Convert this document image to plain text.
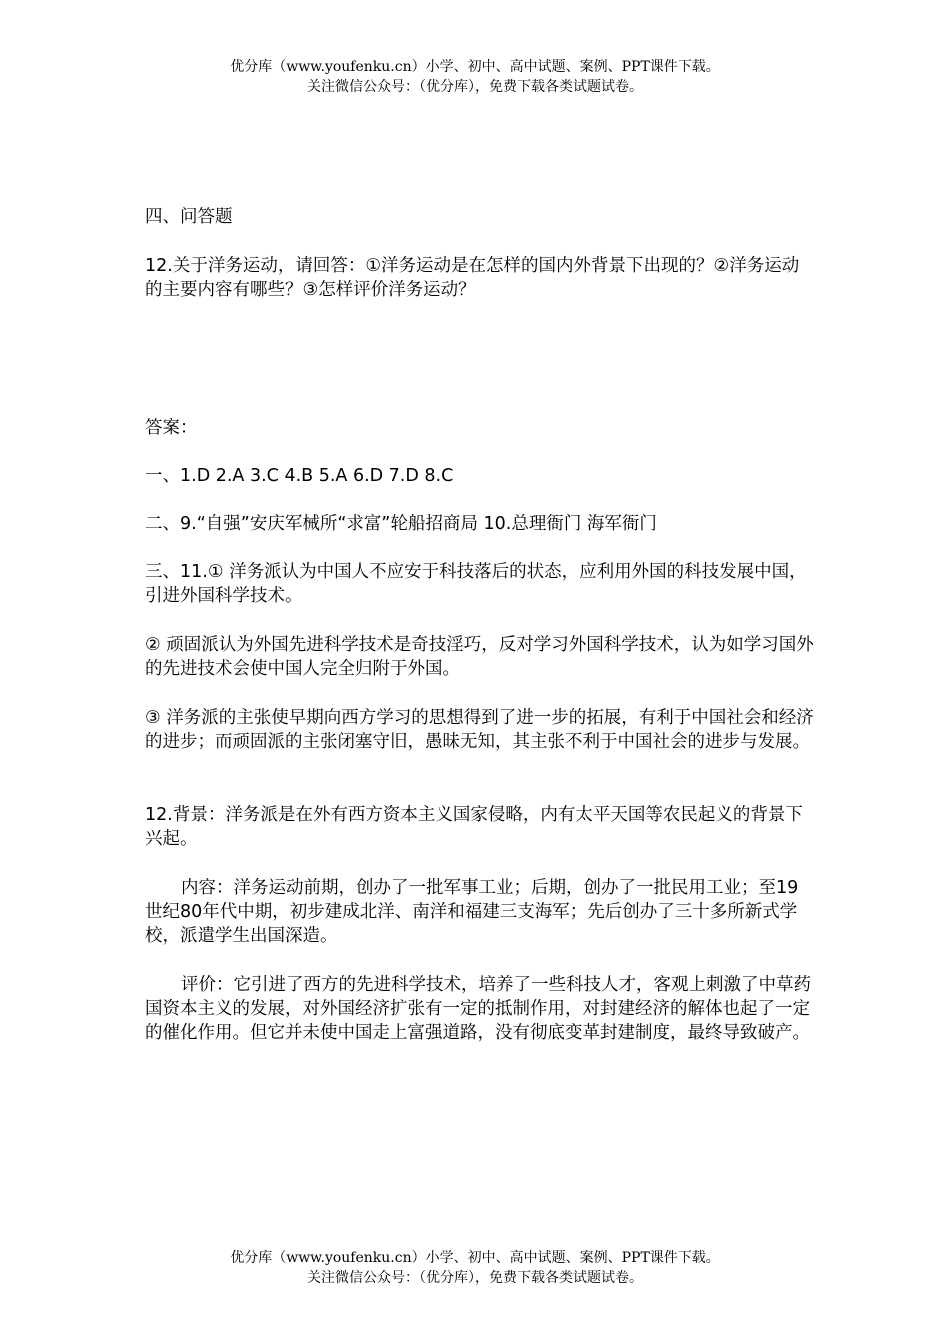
优分库（www.youfenku.cn）小学、初中、高中试题、案例、PPT课件下载。
关注微信公众号：（优分库），免费下载各类试题试卷。

四、问答题

12.关于洋务运动，请回答：①洋务运动是在怎样的国内外背景下出现的？②洋务运动的主要内容有哪些？③怎样评价洋务运动？

答案：

一、1.D 2.A 3.C 4.B 5.A 6.D 7.D 8.C

二、9.“自强”安庆军械所“求富”轮船招商局 10.总理衙门 海军衙门

三、11.① 洋务派认为中国人不应安于科技落后的状态，应利用外国的科技发展中国，引进外国科学技术。

② 顽固派认为外国先进科学技术是奇技淫巧，反对学习外国科学技术，认为如学习国外的先进技术会使中国人完全归附于外国。

③ 洋务派的主张使早期向西方学习的思想得到了进一步的拓展，有利于中国社会和经济的进步；而顽固派的主张闭塞守旧，愚昧无知，其主张不利于中国社会的进步与发展。

12.背景：洋务派是在外有西方资本主义国家侵略，内有太平天国等农民起义的背景下兴起。

内容：洋务运动前期，创办了一批军事工业；后期，创办了一批民用工业；至19世纪80年代中期，初步建成北洋、南洋和福建三支海军；先后创办了三十多所新式学校，派遣学生出国深造。

评价：它引进了西方的先进科学技术，培养了一些科技人才，客观上刺激了中草药国资本主义的发展，对外国经济扩张有一定的抵制作用，对封建经济的解体也起了一定的催化作用。但它并未使中国走上富强道路，没有彻底变革封建制度，最终导致破产。

优分库（www.youfenku.cn）小学、初中、高中试题、案例、PPT课件下载。
关注微信公众号：（优分库），免费下载各类试题试卷。
